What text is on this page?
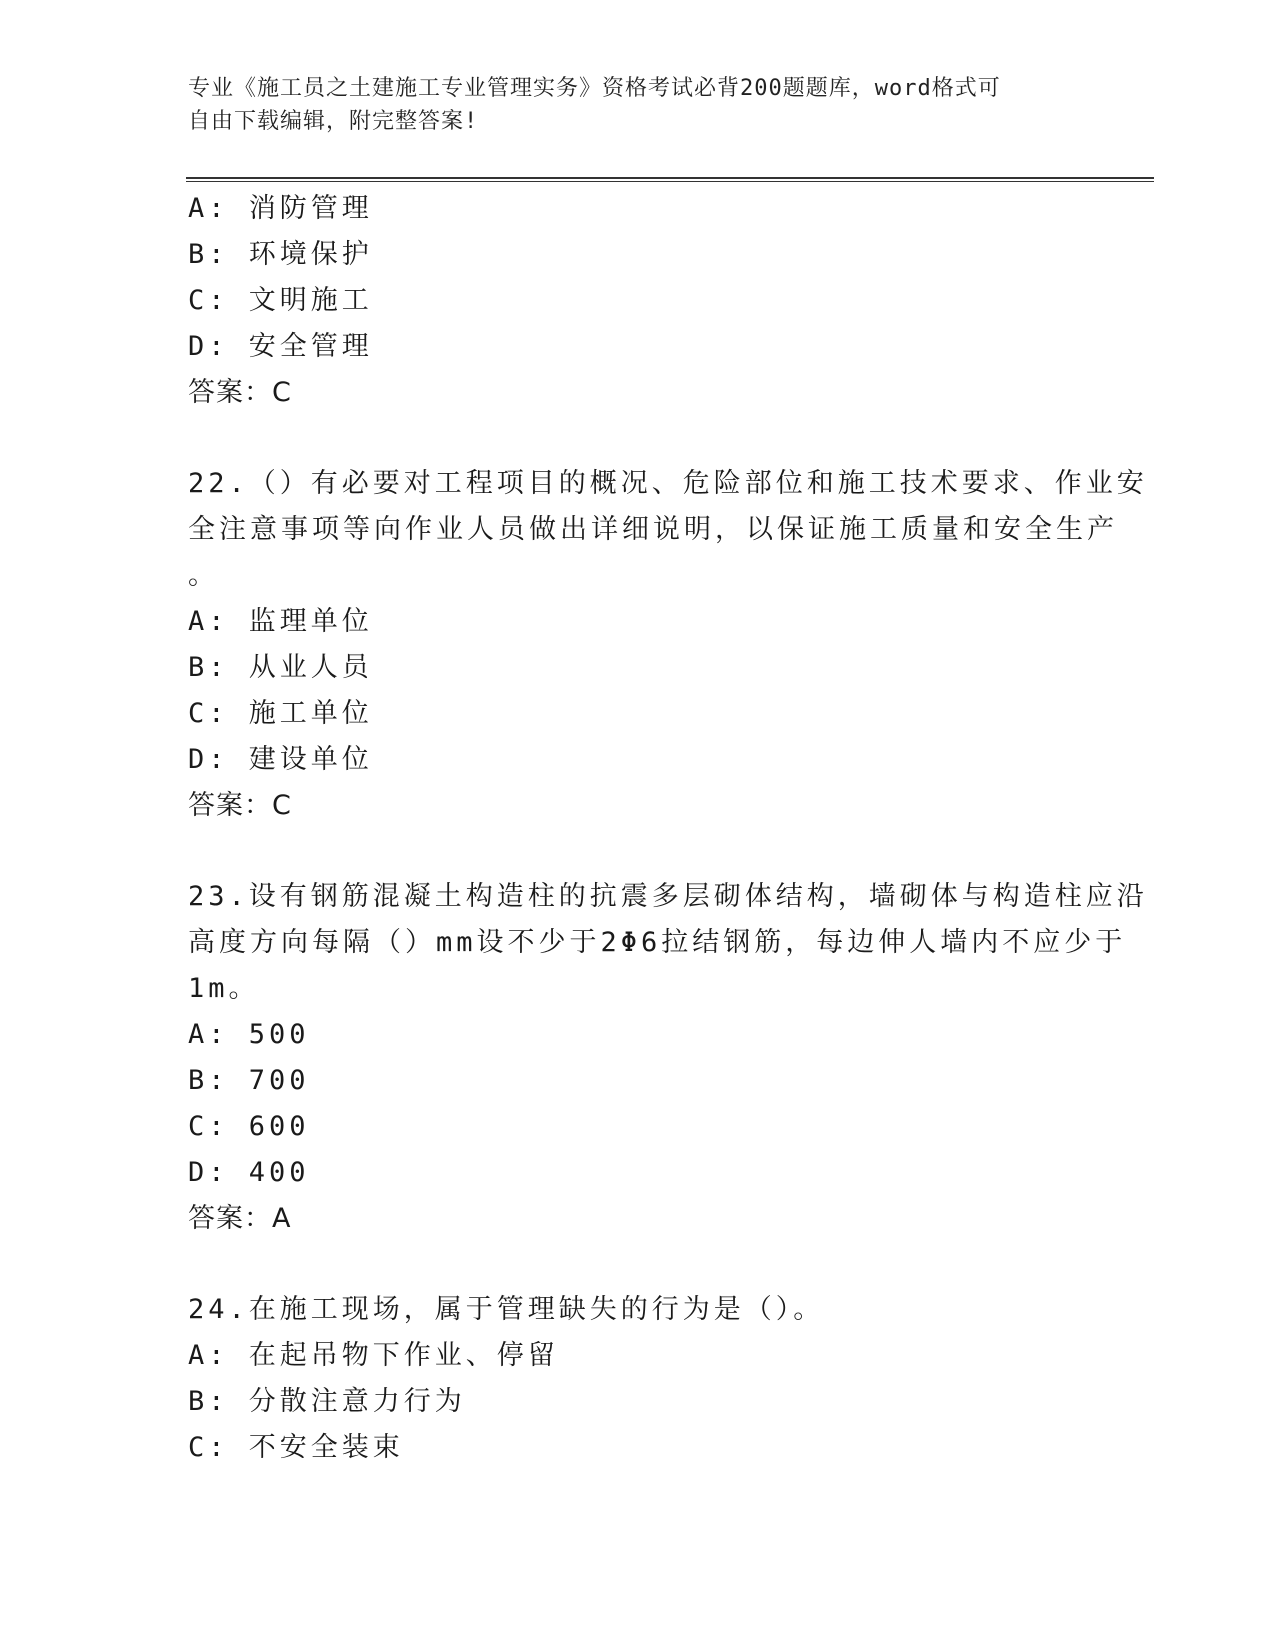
专业《施工员之土建施工专业管理实务》资格考试必背200题题库，word格式可
自由下载编辑，附完整答案!
A: 消防管理
B: 环境保护
C: 文明施工
D: 安全管理
答案：C
22.（）有必要对工程项目的概况、危险部位和施工技术要求、作业安
全注意事项等向作业人员做出详细说明，以保证施工质量和安全生产
。
A: 监理单位
B: 从业人员
C: 施工单位
D: 建设单位
答案：C
23.设有钢筋混凝土构造柱的抗震多层砌体结构，墙砌体与构造柱应沿
高度方向每隔（）mm设不少于2Φ6拉结钢筋，每边伸人墙内不应少于
1m。
A: 500
B: 700
C: 600
D: 400
答案：A
24.在施工现场，属于管理缺失的行为是（）。
A: 在起吊物下作业、停留
B: 分散注意力行为
C: 不安全装束
